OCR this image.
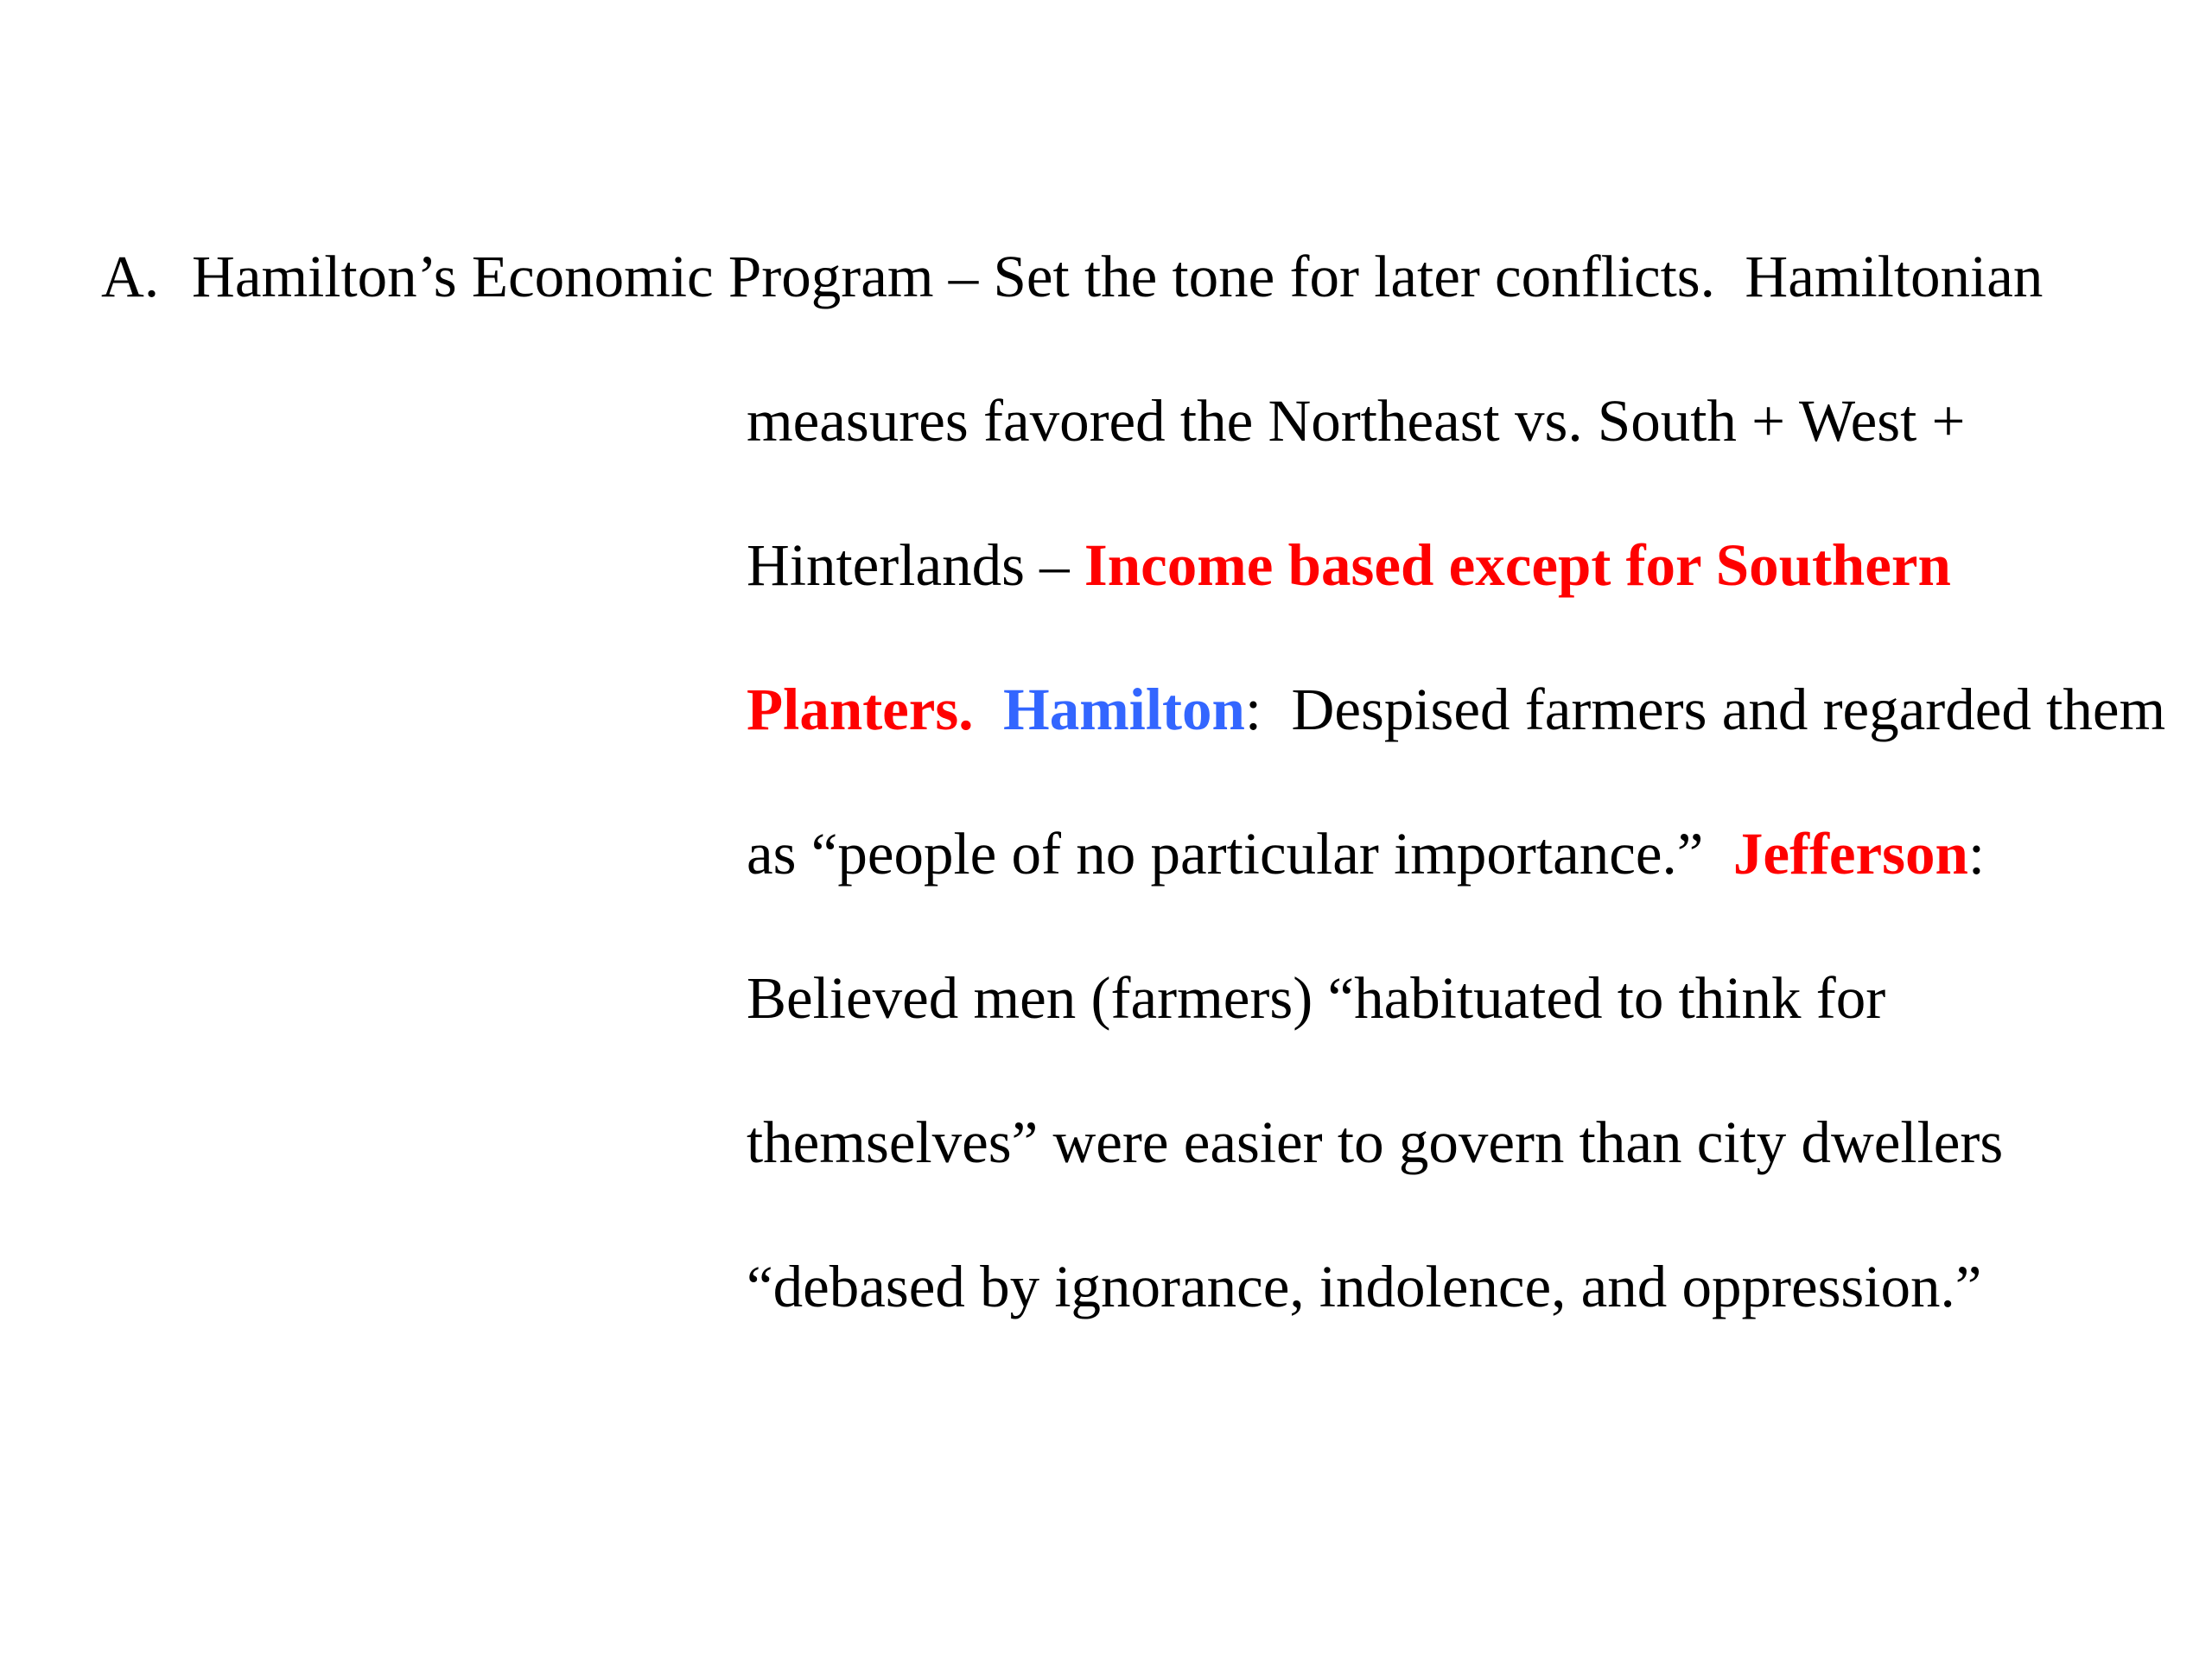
A. Hamilton’s Economic Program – Set the tone for later conflicts.  Hamiltonian
measures favored the Northeast vs. South + West +
Hinterlands – Income based except for Southern
Planters. Hamilton:  Despised farmers and regarded them
as “people of no particular importance.”  Jefferson:
Believed men (farmers) “habituated to think for
themselves” were easier to govern than city dwellers
“debased by ignorance, indolence, and oppression.”
